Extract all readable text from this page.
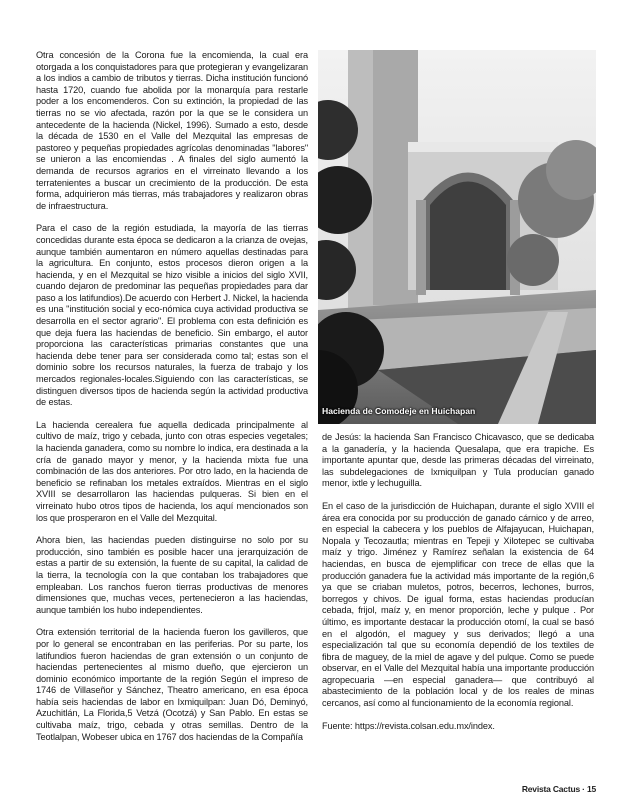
Otra concesión de la Corona fue la encomienda, la cual era otorgada a los conquistadores para que protegieran y evangelizaran a los indios a cambio de tributos y tierras. Dicha institución funcionó hasta 1720, cuando fue abolida por la monarquía para restarle poder a los encomenderos. Con su extinción, la propiedad de las tierras no se vio afectada, razón por la que se le considera un antecedente de la hacienda (Nickel, 1996). Sumado a esto, desde la década de 1530 en el Valle del Mezquital las empresas de pastoreo y pequeñas propiedades agrícolas denominadas "labores" se unieron a las encomiendas . A finales del siglo aumentó la demanda de recursos agrarios en el virreinato llevando a los terratenientes a buscar un crecimiento de la producción. De esta forma, adquirieron más tierras, más trabajadores y realizaron obras de infraestructura.

Para el caso de la región estudiada, la mayoría de las tierras concedidas durante esta época se dedicaron a la crianza de ovejas, aunque también aumentaron en número aquellas destinadas para la agricultura. En conjunto, estos procesos dieron origen a la hacienda, y en el Mezquital se hizo visible a inicios del siglo XVII, cuando dejaron de predominar las pequeñas propiedades para dar paso a los latifundios).De acuerdo con Herbert J. Nickel, la hacienda es una "institución social y eco-nómica cuya actividad productiva se desarrolla en el sector agrario". El problema con esta definición es que deja fuera las haciendas de beneficio. Sin embargo, el autor proporciona las características primarias constantes que una hacienda debe tener para ser considerada como tal; estas son el dominio sobre los recursos naturales, la fuerza de trabajo y los mercados regionales-locales.Siguiendo con las características, se distinguen diversos tipos de hacienda según la actividad productiva de estas.

La hacienda cerealera fue aquella dedicada principalmente al cultivo de maíz, trigo y cebada, junto con otras especies vegetales; la hacienda ganadera, como su nombre lo indica, era destinada a la cría de ganado mayor y menor, y la hacienda mixta fue una combinación de las dos anteriores. Por otro lado, en la hacienda de beneficio se refinaban los metales extraídos. Mientras en el siglo XVIII se desarrollaron las haciendas pulqueras. Si bien en el virreinato hubo otros tipos de hacienda, los aquí mencionados son los que prosperaron en el Valle del Mezquital.

Ahora bien, las haciendas pueden distinguirse no solo por su producción, sino también es posible hacer una jerarquización de estas a partir de su extensión, la fuente de su capital, la calidad de la tierra, la tecnología con la que contaban los trabajadores que empleaban. Los ranchos fueron tierras productivas de menores dimensiones que, muchas veces, pertenecieron a las haciendas, aunque también los hubo independientes.

Otra extensión territorial de la hacienda fueron los gavilleros, que por lo general se encontraban en las periferias. Por su parte, los latifundios fueron haciendas de gran extensión o un conjunto de haciendas pertenecientes al mismo dueño, que ejercieron un dominio económico importante de la región Según el impreso de 1746 de Villaseñor y Sánchez, Theatro americano, en esa época había seis haciendas de labor en Ixmiquilpan: Juan Dó, Deminyó, Azuchitlán, La Florida,5 Vetzá (Ocotzá) y San Pablo. En estas se cultivaba maíz, trigo, cebada y otras semillas. Dentro de la Teotlalpan, Wobeser ubica en 1767 dos haciendas de la Compañía

Hacienda de Comodeje en Huichapan

de Jesús: la hacienda San Francisco Chicavasco, que se dedicaba a la ganadería, y la hacienda Quesalapa, que era trapiche. Es importante apuntar que, desde las primeras décadas del virreinato, las subdelegaciones de Ixmiquilpan y Tula producían ganado menor, ixtle y lechuguilla.

En el caso de la jurisdicción de Huichapan, durante el siglo XVIII el área era conocida por su producción de ganado cárnico y de arreo, en especial la cabecera y los pueblos de Alfajayucan, Huichapan, Nopala y Tecozautla; mientras en Tepeji y Xilotepec se cultivaba maíz y trigo. Jiménez y Ramírez señalan la existencia de 64 haciendas, en busca de ejemplificar con trece de ellas que la producción ganadera fue la actividad más importante de la región,6 ya que se criaban muletos, potros, becerros, lechones, burros, borregos y chivos. De igual forma, estas haciendas producían cebada, frijol, maíz y, en menor proporción, leche y pulque . Por último, es importante destacar la producción otomí, la cual se basó en el algodón, el maguey y sus derivados; llegó a una especialización tal que su economía dependió de los textiles de fibra de maguey, de la miel de agave y del pulque. Como se puede observar, en el Valle del Mezquital había una importante producción agropecuaria —en especial ganadera— que contribuyó al abastecimiento de la población local y de los reales de minas cercanos, así como al funcionamiento de la economía regional.

Fuente: https://revista.colsan.edu.mx/index.

Revista Cactus · 15
